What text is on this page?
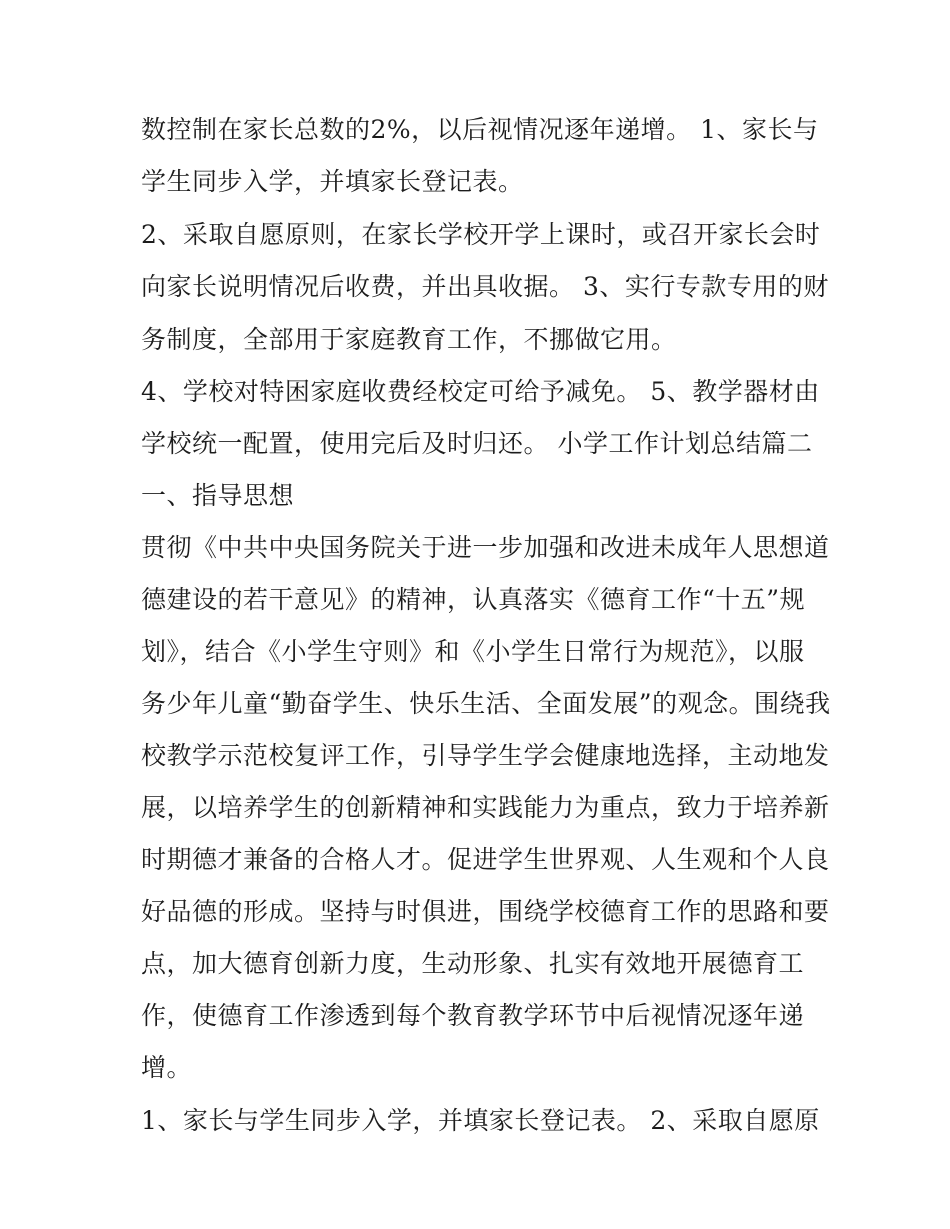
数控制在家长总数的2%，以后视情况逐年递增。 1、家长与
学生同步入学，并填家长登记表。
2、采取自愿原则，在家长学校开学上课时，或召开家长会时
向家长说明情况后收费，并出具收据。 3、实行专款专用的财
务制度，全部用于家庭教育工作，不挪做它用。
4、学校对特困家庭收费经校定可给予减免。 5、教学器材由
学校统一配置，使用完后及时归还。 小学工作计划总结篇二
一、指导思想
贯彻《中共中央国务院关于进一步加强和改进未成年人思想道
德建设的若干意见》的精神，认真落实《德育工作“十五”规
划》，结合《小学生守则》和《小学生日常行为规范》，以服
务少年儿童“勤奋学生、快乐生活、全面发展”的观念。围绕我
校教学示范校复评工作，引导学生学会健康地选择，主动地发
展，以培养学生的创新精神和实践能力为重点，致力于培养新
时期德才兼备的合格人才。促进学生世界观、人生观和个人良
好品德的形成。坚持与时俱进，围绕学校德育工作的思路和要
点，加大德育创新力度，生动形象、扎实有效地开展德育工
作，使德育工作渗透到每个教育教学环节中后视情况逐年递
增。
1、家长与学生同步入学，并填家长登记表。 2、采取自愿原
